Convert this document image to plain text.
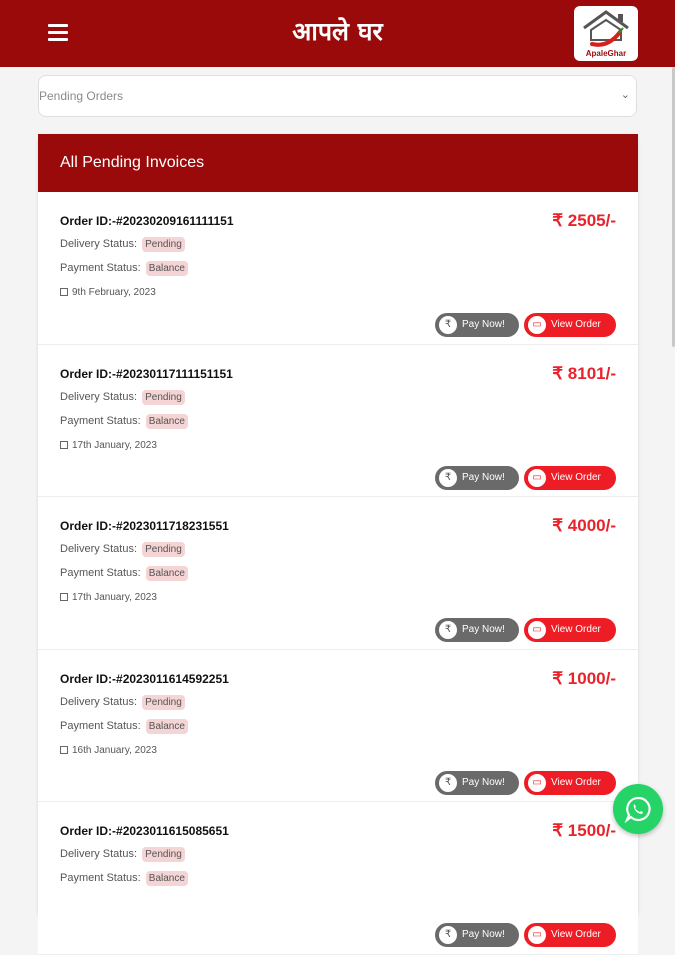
आपले घर
ApaleGhar
Pending Orders	⌄
All Pending Invoices
Order ID:-#20230209161111151	₹ 2505/-
Delivery Status: Pending
Payment Status: Balance
9th February, 2023
₹	Pay Now!	▭ View Order
Order ID:-#20230117111151151	₹ 8101/-
Delivery Status: Pending
Payment Status: Balance
17th January, 2023
₹	Pay Now!	▭ View Order
Order ID:-#2023011718231551	₹ 4000/-
Delivery Status: Pending
Payment Status: Balance
17th January, 2023
₹	Pay Now!	▭ View Order
Order ID:-#2023011614592251	₹ 1000/-
Delivery Status: Pending
Payment Status: Balance
16th January, 2023
₹	Pay Now!	▭ View Order
Order ID:-#2023011615085651	₹ 1500/-
Delivery Status: Pending
Payment Status: Balance
₹	Pay Now!	▭ View Order
